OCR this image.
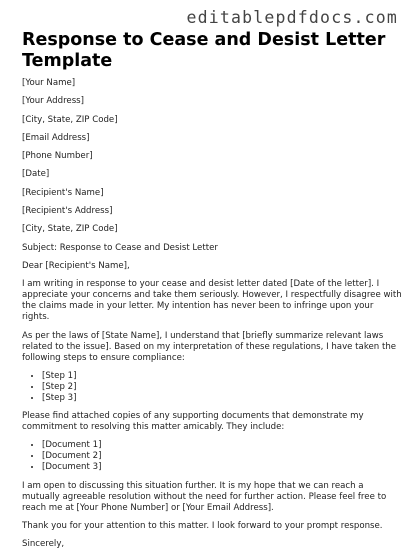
editablepdfdocs.com
Response to Cease and Desist Letter Template

[Your Name]

[Your Address]

[City, State, ZIP Code]

[Email Address]

[Phone Number]

[Date]

[Recipient's Name]

[Recipient's Address]

[City, State, ZIP Code]

Subject: Response to Cease and Desist Letter

Dear [Recipient's Name],

I am writing in response to your cease and desist letter dated [Date of the letter]. I appreciate your concerns and take them seriously. However, I respectfully disagree with the claims made in your letter. My intention has never been to infringe upon your rights.

As per the laws of [State Name], I understand that [briefly summarize relevant laws related to the issue]. Based on my interpretation of these regulations, I have taken the following steps to ensure compliance:

• [Step 1]
• [Step 2]
• [Step 3]

Please find attached copies of any supporting documents that demonstrate my commitment to resolving this matter amicably. They include:

• [Document 1]
• [Document 2]
• [Document 3]

I am open to discussing this situation further. It is my hope that we can reach a mutually agreeable resolution without the need for further action. Please feel free to reach me at [Your Phone Number] or [Your Email Address].

Thank you for your attention to this matter. I look forward to your prompt response.

Sincerely,
